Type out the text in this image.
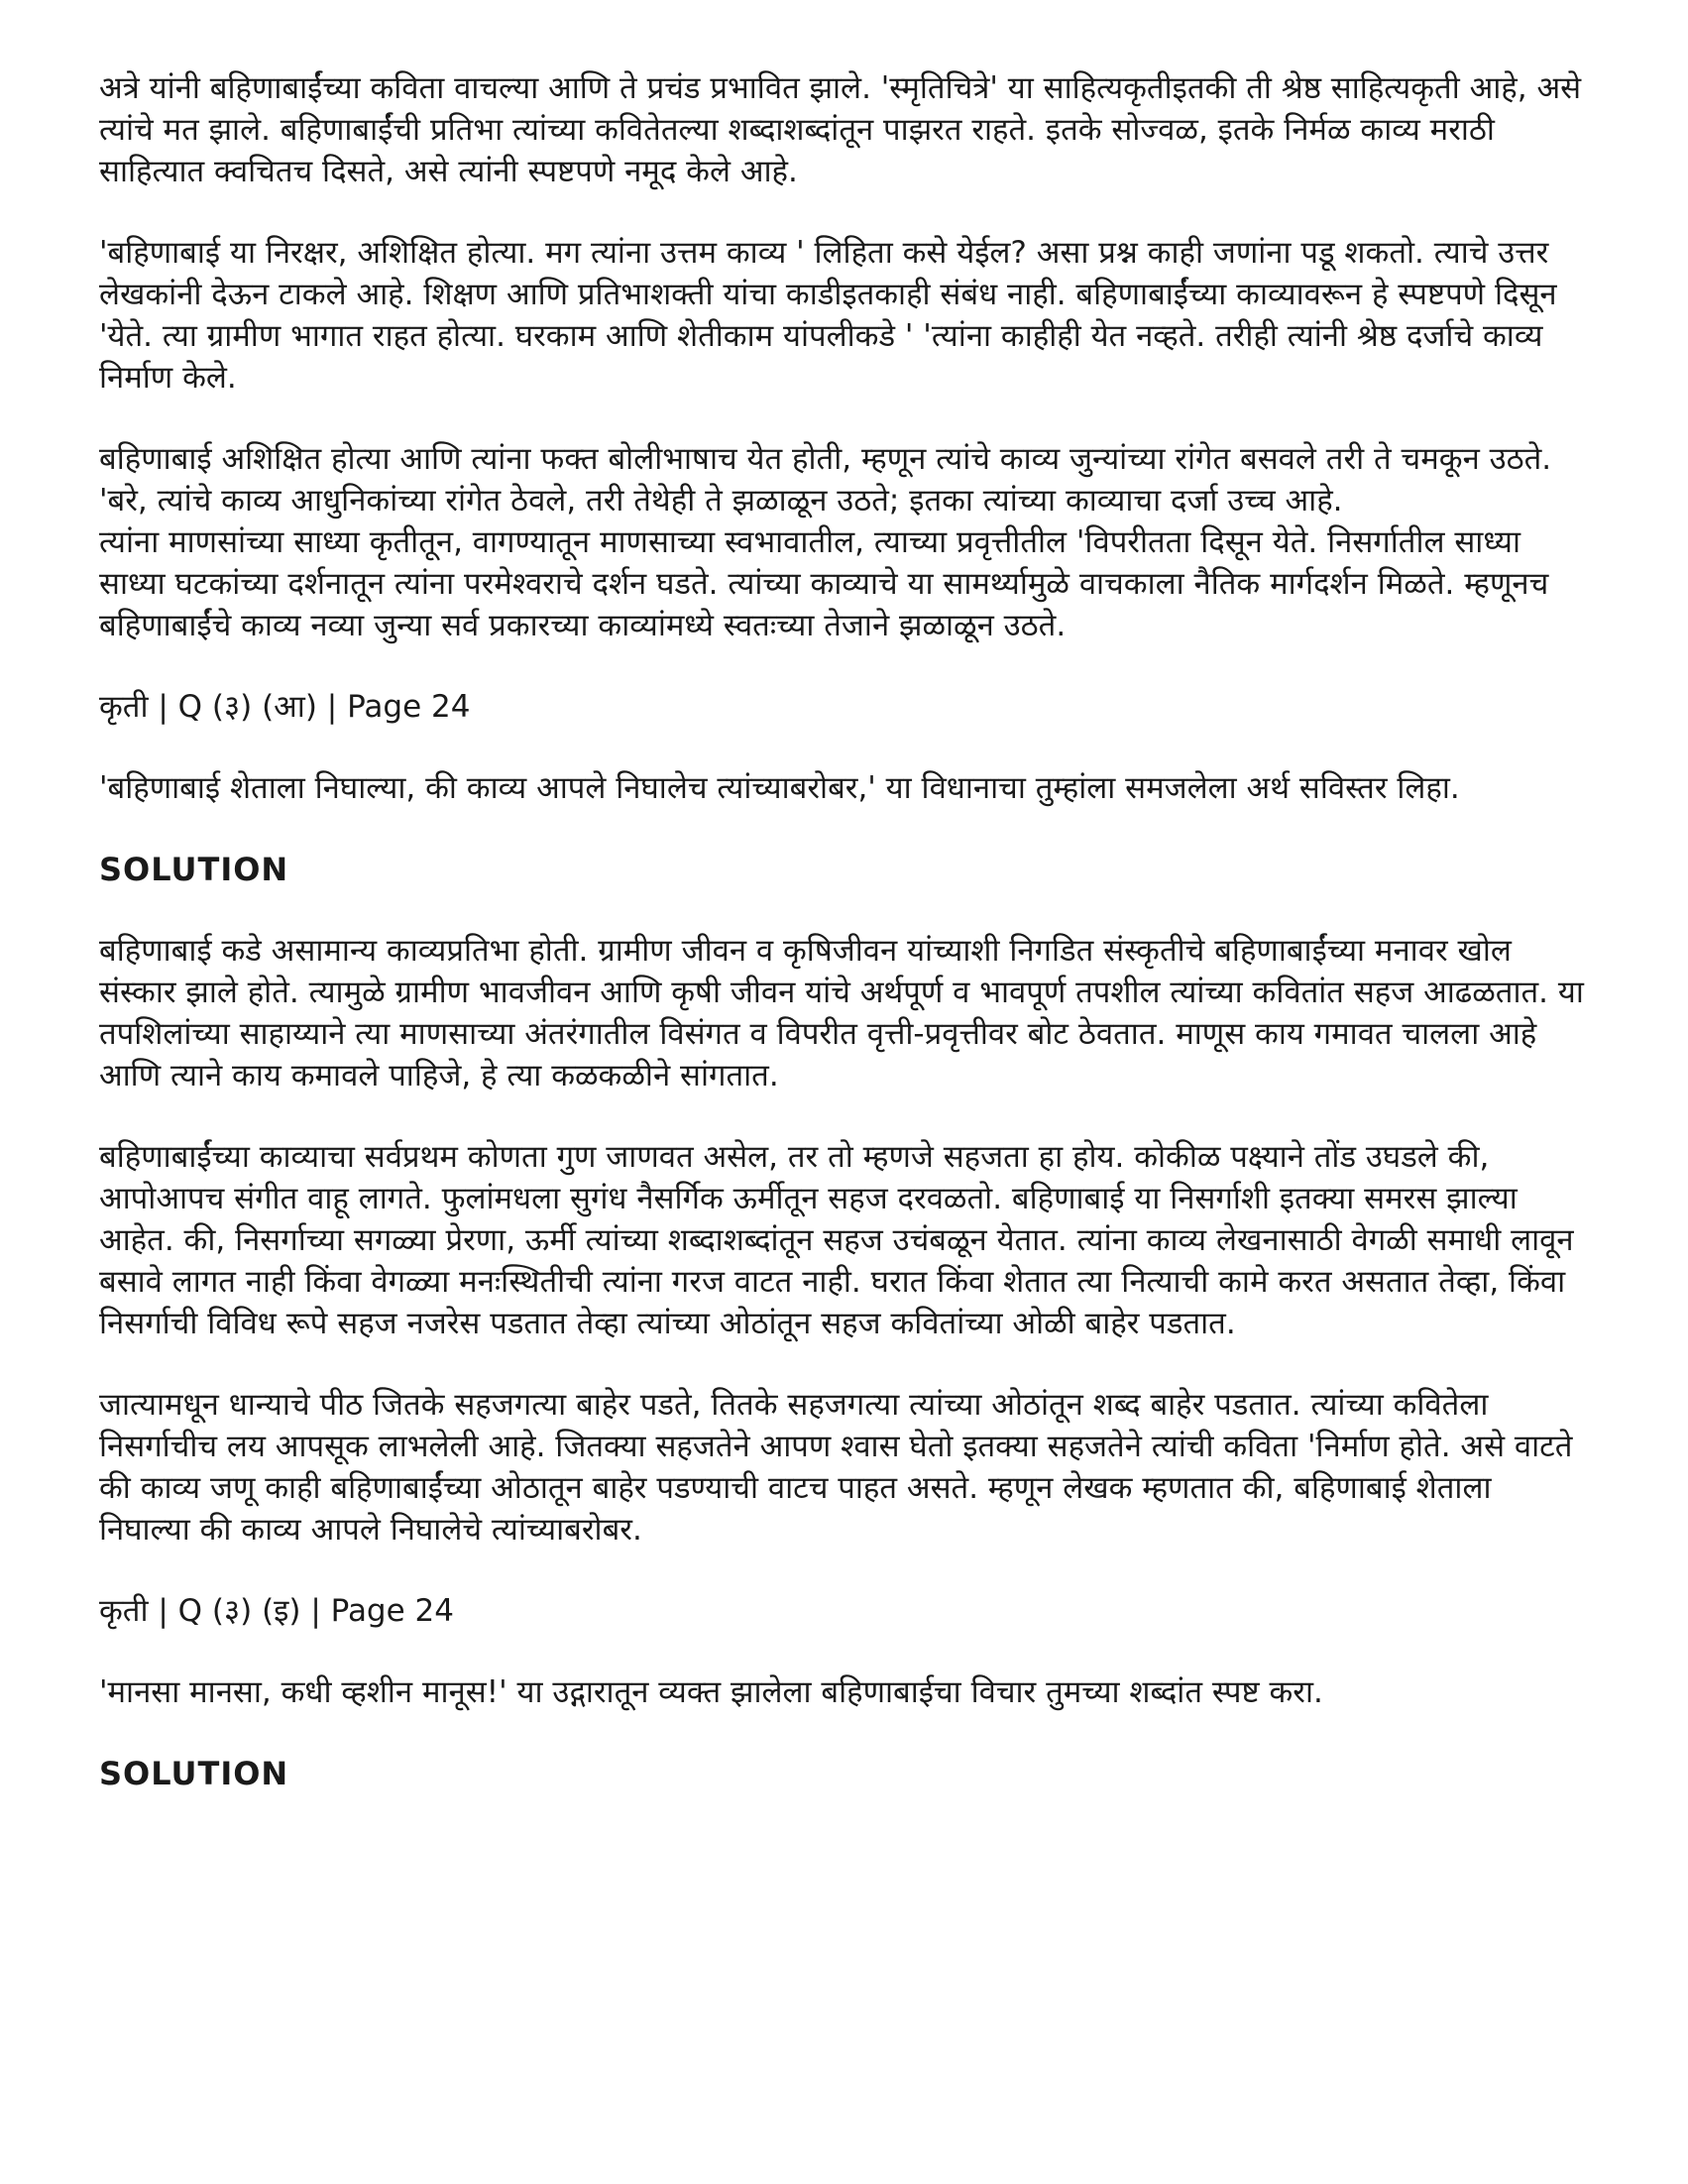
अत्रे यांनी बहिणाबाईंच्या कविता वाचल्या आणि ते प्रचंड प्रभावित झाले. 'स्मृतिचित्रे' या साहित्यकृतीइतकी ती श्रेष्ठ साहित्यकृती आहे, असे त्यांचे मत झाले. बहिणाबाईंची प्रतिभा त्यांच्या कवितेतल्या शब्दाशब्दांतून पाझरत राहते. इतके सोज्वळ, इतके निर्मळ काव्य मराठी साहित्यात क्वचितच दिसते, असे त्यांनी स्पष्टपणे नमूद केले आहे.

'बहिणाबाई या निरक्षर, अशिक्षित होत्या. मग त्यांना उत्तम काव्य ' लिहिता कसे येईल? असा प्रश्न काही जणांना पडू शकतो. त्याचे उत्तर लेखकांनी देऊन टाकले आहे. शिक्षण आणि प्रतिभाशक्ती यांचा काडीइतकाही संबंध नाही. बहिणाबाईंच्या काव्यावरून हे स्पष्टपणे दिसून 'येते. त्या ग्रामीण भागात राहत होत्या. घरकाम आणि शेतीकाम यांपलीकडे ' 'त्यांना काहीही येत नव्हते. तरीही त्यांनी श्रेष्ठ दर्जाचे काव्य निर्माण केले.

बहिणाबाई अशिक्षित होत्या आणि त्यांना फक्त बोलीभाषाच येत होती, म्हणून त्यांचे काव्य जुन्यांच्या रांगेत बसवले तरी ते चमकून उठते. 'बरे, त्यांचे काव्य आधुनिकांच्या रांगेत ठेवले, तरी तेथेही ते झळाळून उठते; इतका त्यांच्या काव्याचा दर्जा उच्च आहे.

त्यांना माणसांच्या साध्या कृतीतून, वागण्यातून माणसाच्या स्वभावातील, त्याच्या प्रवृत्तीतील 'विपरीतता दिसून येते. निसर्गातील साध्या साध्या घटकांच्या दर्शनातून त्यांना परमेश्वराचे दर्शन घडते. त्यांच्या काव्याचे या सामर्थ्यामुळे वाचकाला नैतिक मार्गदर्शन मिळते. म्हणूनच बहिणाबाईंचे काव्य नव्या जुन्या सर्व प्रकारच्या काव्यांमध्ये स्वतःच्या तेजाने झळाळून उठते.

कृती | Q (३) (आ) | Page 24

'बहिणाबाई शेताला निघाल्या, की काव्य आपले निघालेच त्यांच्याबरोबर,' या विधानाचा तुम्हांला समजलेला अर्थ सविस्तर लिहा.

SOLUTION

बहिणाबाई कडे असामान्य काव्यप्रतिभा होती. ग्रामीण जीवन व कृषिजीवन यांच्याशी निगडित संस्कृतीचे बहिणाबाईंच्या मनावर खोल संस्कार झाले होते. त्यामुळे ग्रामीण भावजीवन आणि कृषी जीवन यांचे अर्थपूर्ण व भावपूर्ण तपशील त्यांच्या कवितांत सहज आढळतात. या तपशिलांच्या साहाय्याने त्या माणसाच्या अंतरंगातील विसंगत व विपरीत वृत्ती-प्रवृत्तीवर बोट ठेवतात. माणूस काय गमावत चालला आहे आणि त्याने काय कमावले पाहिजे, हे त्या कळकळीने सांगतात.

बहिणाबाईंच्या काव्याचा सर्वप्रथम कोणता गुण जाणवत असेल, तर तो म्हणजे सहजता हा होय. कोकीळ पक्ष्याने तोंड उघडले की, आपोआपच संगीत वाहू लागते. फुलांमधला सुगंध नैसर्गिक ऊर्मीतून सहज दरवळतो. बहिणाबाई या निसर्गाशी इतक्या समरस झाल्या आहेत. की, निसर्गाच्या सगळ्या प्रेरणा, ऊर्मी त्यांच्या शब्दाशब्दांतून सहज उचंबळून येतात. त्यांना काव्य लेखनासाठी वेगळी समाधी लावून बसावे लागत नाही किंवा वेगळ्या मनःस्थितीची त्यांना गरज वाटत नाही. घरात किंवा शेतात त्या नित्याची कामे करत असतात तेव्हा, किंवा निसर्गाची विविध रूपे सहज नजरेस पडतात तेव्हा त्यांच्या ओठांतून सहज कवितांच्या ओळी बाहेर पडतात.

जात्यामधून धान्याचे पीठ जितके सहजगत्या बाहेर पडते, तितके सहजगत्या त्यांच्या ओठांतून शब्द बाहेर पडतात. त्यांच्या कवितेला निसर्गाचीच लय आपसूक लाभलेली आहे. जितक्या सहजतेने आपण श्वास घेतो इतक्या सहजतेने त्यांची कविता 'निर्माण होते. असे वाटते की काव्य जणू काही बहिणाबाईंच्या ओठातून बाहेर पडण्याची वाटच पाहत असते. म्हणून लेखक म्हणतात की, बहिणाबाई शेताला निघाल्या की काव्य आपले निघालेचे त्यांच्याबरोबर.

कृती | Q (३) (इ) | Page 24

'मानसा मानसा, कधी व्हशीन मानूस!' या उद्गारातून व्यक्त झालेला बहिणाबाईचा विचार तुमच्या शब्दांत स्पष्ट करा.

SOLUTION
